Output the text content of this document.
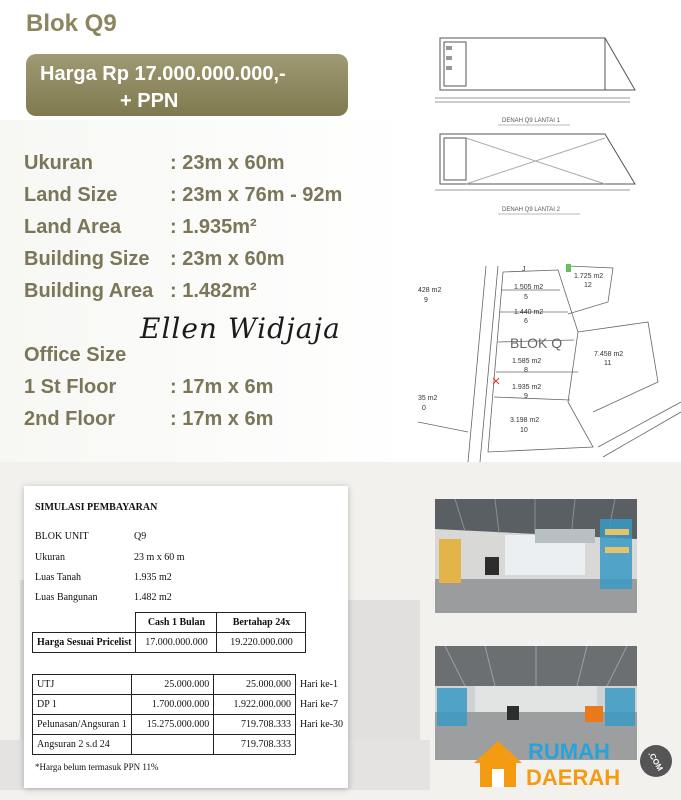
Blok Q9
Harga Rp 17.000.000.000,-
+ PPN
Ukuran	: 23m x 60m
Land Size	: 23m x 76m - 92m
Land Area : 1.935m²
Building Size : 23m x 60m
Building Area : 1.482m²
Ellen Widjaja
Office Size
1 St Floor	: 17m x 6m
2nd Floor	: 17m x 6m
DENAH Q9 LANTAI 1
DENAH Q9 LANTAI 2
BLOK Q
J
1.505 m2
5
1.440 m2
6
1.585 m2
8
1.935 m2
9
3.198 m2
10
1.725 m2
12
7.458 m2
11
428 m2
9
35 m2
0
SIMULASI PEMBAYARAN
BLOK UNIT	Q9
Ukuran	23 m x 60 m
Luas Tanah	1.935 m2
Luas Bangunan	1.482 m2
	Cash 1 Bulan	Bertahap 24x
Harga Sesuai Pricelist	17.000.000.000	19.220.000.000
UTJ	25.000.000	25.000.000	Hari ke-1
DP 1	1.700.000.000	1.922.000.000	Hari ke-7
Pelunasan/Angsuran 1	15.275.000.000	719.708.333	Hari ke-30
Angsuran 2 s.d 24		719.708.333	
*Harga belum termasuk PPN 11%
RUMAH
DAERAH
.COM
